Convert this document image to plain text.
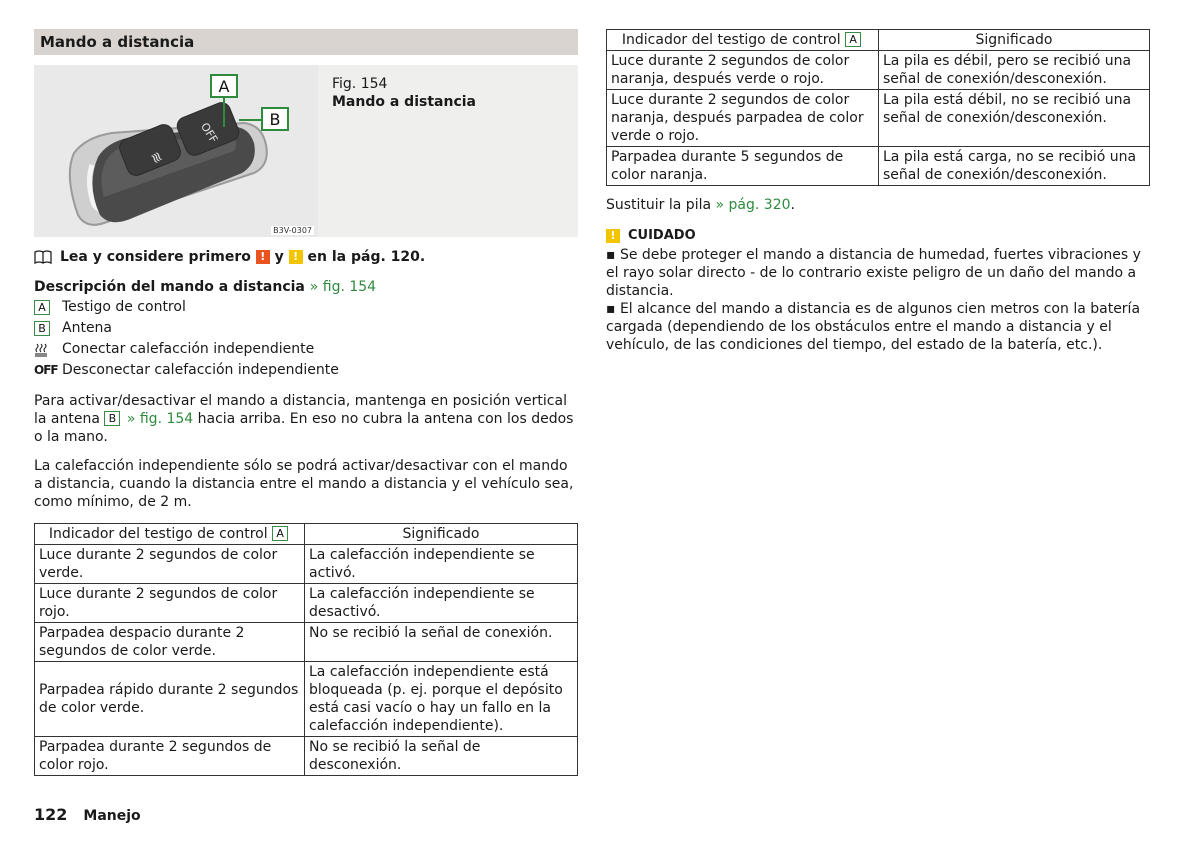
Mando a distancia
≋
OFF
A
B
B3V-0307
Fig. 154
Mando a distancia
Lea y considere primero
!
y
!
en la pág. 120.
Descripción del mando a distancia » fig. 154
A	Testigo de control
B	Antena
Conectar calefacción independiente
OFF Desconectar calefacción independiente
Para activar/desactivar el mando a distancia, mantenga en posición vertical la antena B » fig. 154 hacia arriba. En eso no cubra la antena con los dedos o la mano.
La calefacción independiente sólo se podrá activar/desactivar con el mando a distancia, cuando la distancia entre el mando a distancia y el vehículo sea, como mínimo, de 2 m.
Indicador del testigo de control A	Significado
Luce durante 2 segundos de color verde.	La calefacción independiente se activó.
Luce durante 2 segundos de color rojo.	La calefacción independiente se desactivó.
Parpadea despacio durante 2 segundos de color verde.	No se recibió la señal de conexión.
Parpadea rápido durante 2 segundos de color verde.	La calefacción independiente está bloqueada (p. ej. porque el depósito está casi vacío o hay un fallo en la calefacción independiente).
Parpadea durante 2 segundos de color rojo.	No se recibió la señal de desconexión.
Indicador del testigo de control A	Significado
Luce durante 2 segundos de color naranja, después verde o rojo.	La pila es débil, pero se recibió una señal de conexión/desconexión.
Luce durante 2 segundos de color naranja, después parpadea de color verde o rojo.	La pila está débil, no se recibió una señal de conexión/desconexión.
Parpadea durante 5 segundos de color naranja.	La pila está carga, no se recibió una señal de conexión/desconexión.
Sustituir la pila » pág. 320.
! CUIDADO
▪ Se debe proteger el mando a distancia de humedad, fuertes vibraciones y el rayo solar directo - de lo contrario existe peligro de un daño del mando a distancia.
▪ El alcance del mando a distancia es de algunos cien metros con la batería cargada (dependiendo de los obstáculos entre el mando a distancia y el vehículo, de las condiciones del tiempo, del estado de la batería, etc.).
122 Manejo
